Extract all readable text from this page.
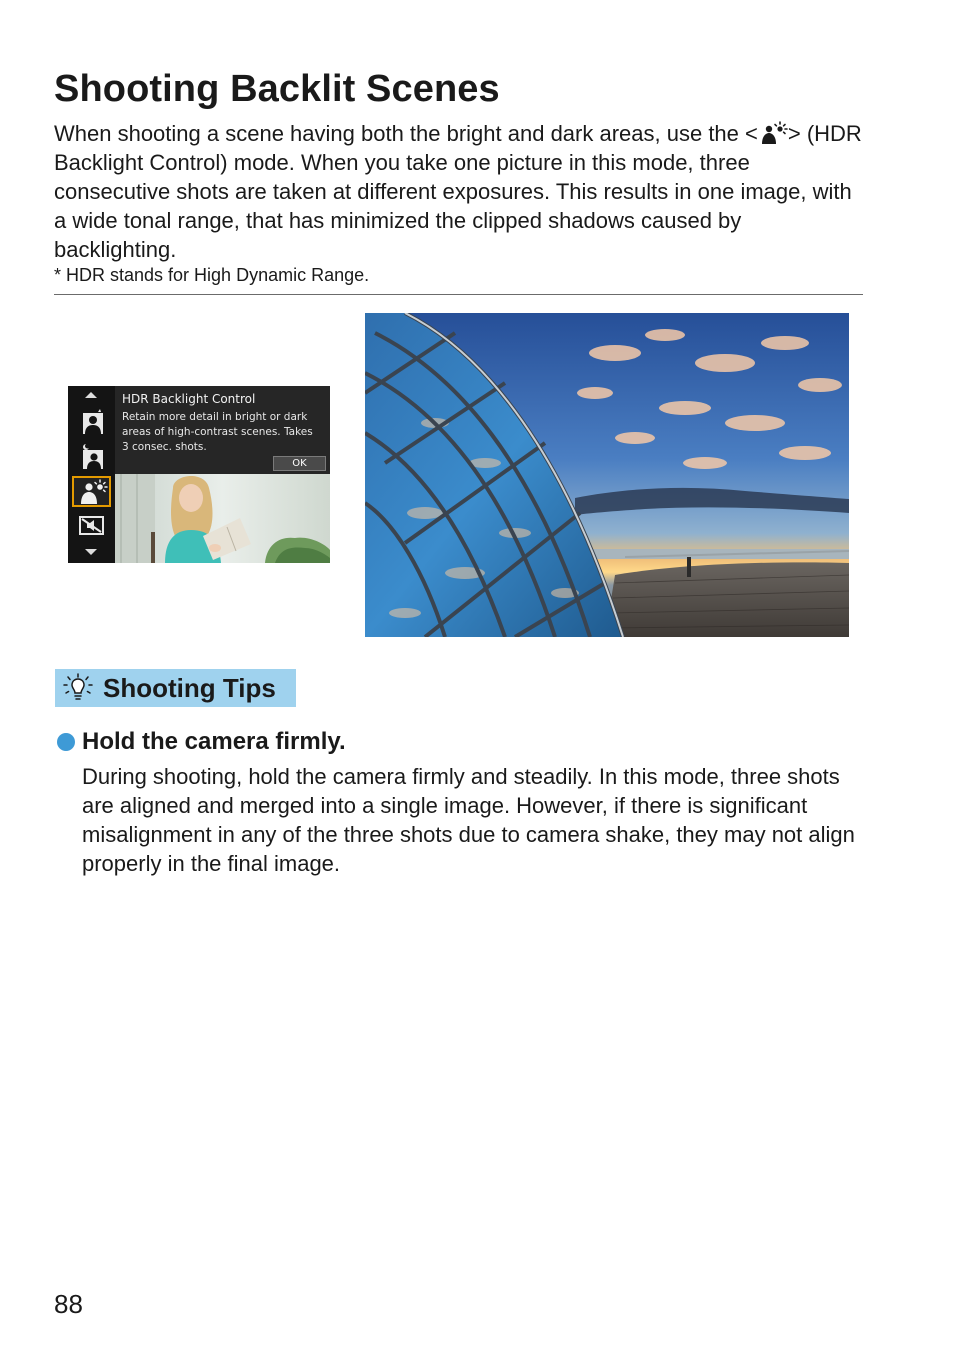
Shooting Backlit Scenes

When shooting a scene having both the bright and dark areas, use the < > (HDR Backlight Control) mode. When you take one picture in this mode, three consecutive shots are taken at different exposures. This results in one image, with a wide tonal range, that has minimized the clipped shadows caused by backlighting.

* HDR stands for High Dynamic Range.

HDR Backlight Control
Retain more detail in bright or dark areas of high-contrast scenes. Takes 3 consec. shots.
OK
Shooting Tips
Hold the camera firmly.

During shooting, hold the camera firmly and steadily. In this mode, three shots are aligned and merged into a single image. However, if there is significant misalignment in any of the three shots due to camera shake, they may not align properly in the final image.

88
